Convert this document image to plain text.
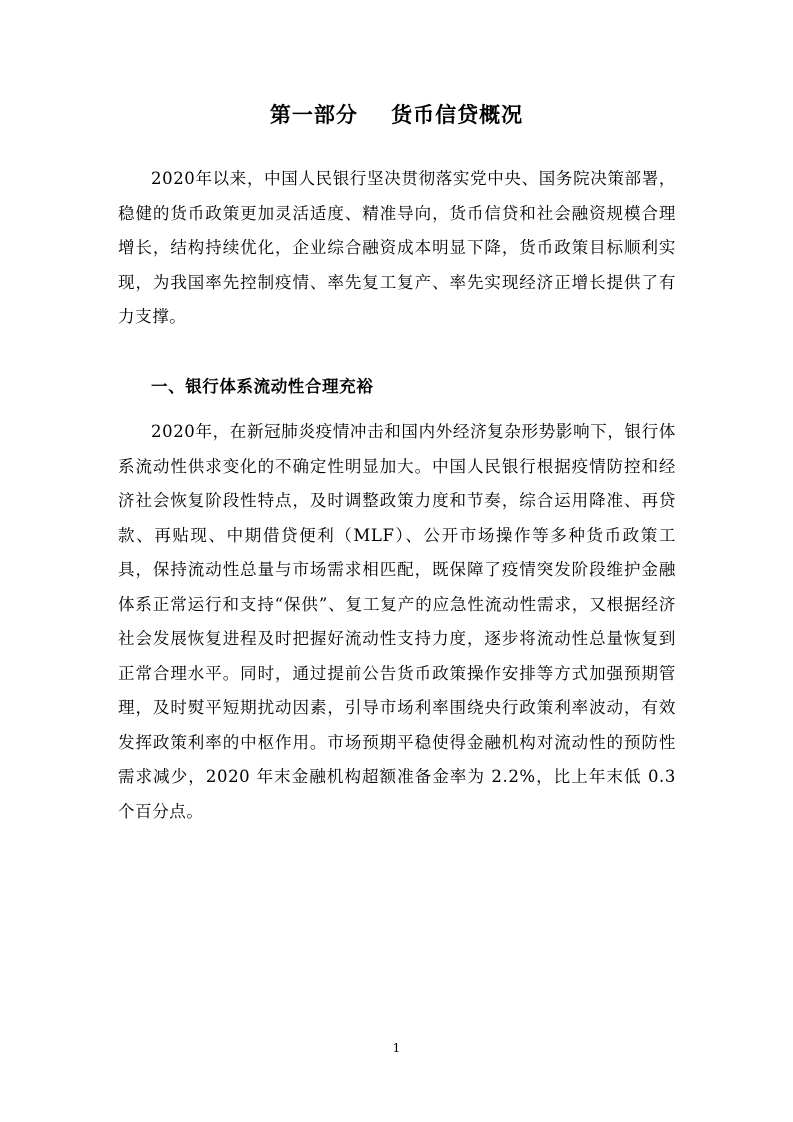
第一部分    货币信贷概况

2020年以来，中国人民银行坚决贯彻落实党中央、国务院决策部署，稳健的货币政策更加灵活适度、精准导向，货币信贷和社会融资规模合理增长，结构持续优化，企业综合融资成本明显下降，货币政策目标顺利实现，为我国率先控制疫情、率先复工复产、率先实现经济正增长提供了有力支撑。

一、银行体系流动性合理充裕

2020年，在新冠肺炎疫情冲击和国内外经济复杂形势影响下，银行体系流动性供求变化的不确定性明显加大。中国人民银行根据疫情防控和经济社会恢复阶段性特点，及时调整政策力度和节奏，综合运用降准、再贷款、再贴现、中期借贷便利（MLF）、公开市场操作等多种货币政策工具，保持流动性总量与市场需求相匹配，既保障了疫情突发阶段维护金融体系正常运行和支持“保供”、复工复产的应急性流动性需求，又根据经济社会发展恢复进程及时把握好流动性支持力度，逐步将流动性总量恢复到正常合理水平。同时，通过提前公告货币政策操作安排等方式加强预期管理，及时熨平短期扰动因素，引导市场利率围绕央行政策利率波动，有效发挥政策利率的中枢作用。市场预期平稳使得金融机构对流动性的预防性需求减少，2020 年末金融机构超额准备金率为 2.2%，比上年末低 0.3 个百分点。

1
